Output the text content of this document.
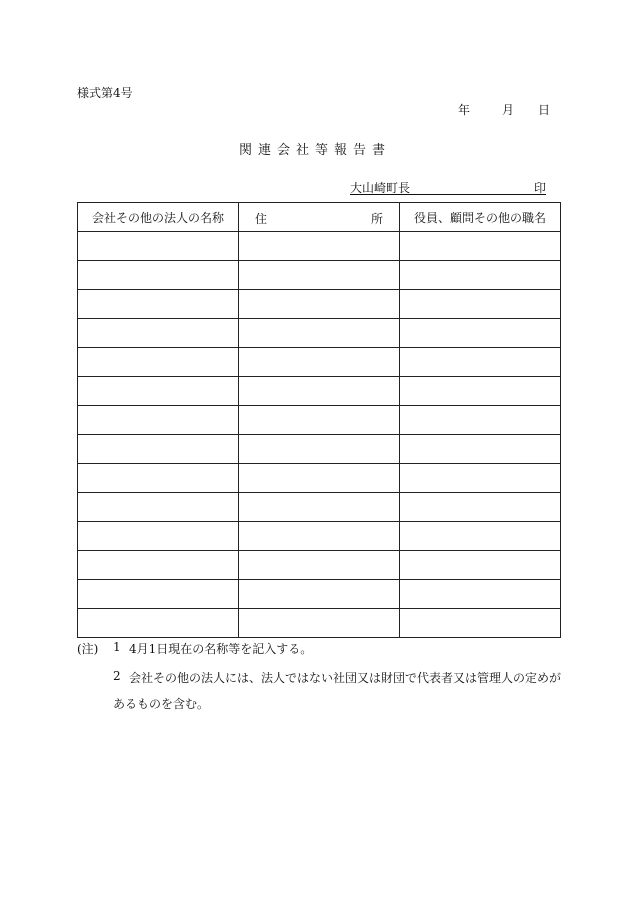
様式第4号
年	月 日
関連会社等報告書
大山崎町長	印
会社その他の法人の名称	住 所	役員、顧問その他の職名

(注) 1 4月1日現在の名称等を記入する。
2 会社その他の法人には、法人ではない社団又は財団で代表者又は管理人の定めが
あるものを含む。
